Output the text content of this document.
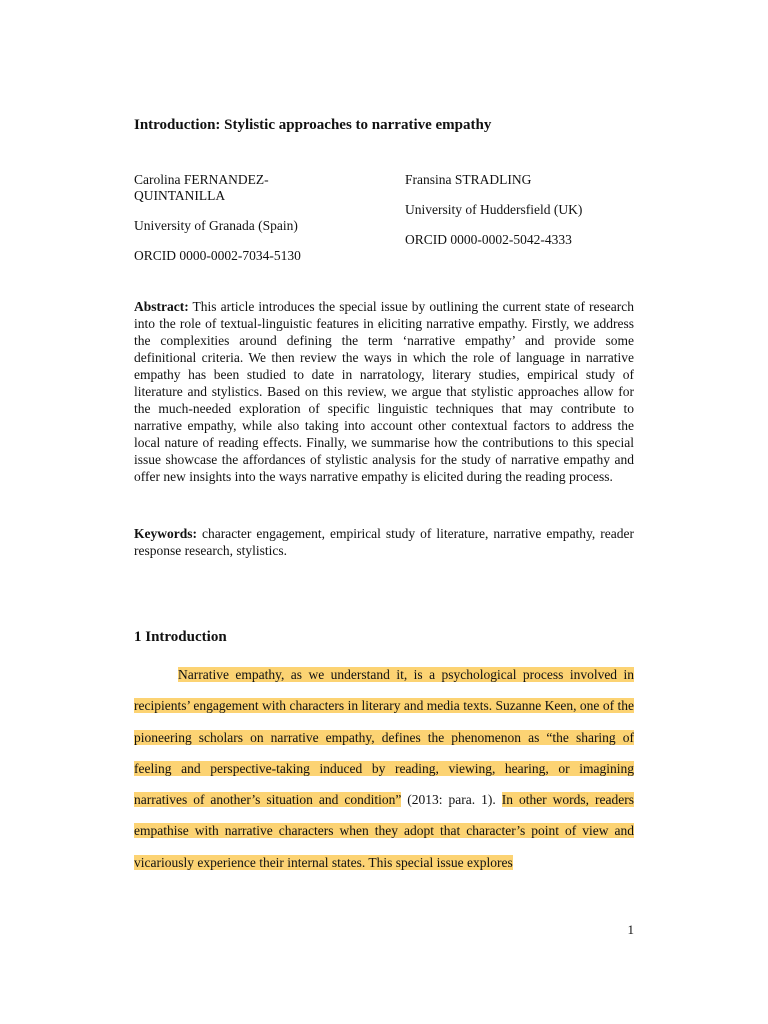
Introduction: Stylistic approaches to narrative empathy

Carolina FERNANDEZ-QUINTANILLA

University of Granada (Spain)

ORCID 0000-0002-7034-5130

Fransina STRADLING

University of Huddersfield (UK)

ORCID 0000-0002-5042-4333

Abstract: This article introduces the special issue by outlining the current state of research into the role of textual-linguistic features in eliciting narrative empathy. Firstly, we address the complexities around defining the term ‘narrative empathy’ and provide some definitional criteria. We then review the ways in which the role of language in narrative empathy has been studied to date in narratology, literary studies, empirical study of literature and stylistics. Based on this review, we argue that stylistic approaches allow for the much-needed exploration of specific linguistic techniques that may contribute to narrative empathy, while also taking into account other contextual factors to address the local nature of reading effects. Finally, we summarise how the contributions to this special issue showcase the affordances of stylistic analysis for the study of narrative empathy and offer new insights into the ways narrative empathy is elicited during the reading process.

Keywords: character engagement, empirical study of literature, narrative empathy, reader response research, stylistics.

1 Introduction

Narrative empathy, as we understand it, is a psychological process involved in recipients’ engagement with characters in literary and media texts. Suzanne Keen, one of the pioneering scholars on narrative empathy, defines the phenomenon as “the sharing of feeling and perspective-taking induced by reading, viewing, hearing, or imagining narratives of another’s situation and condition” (2013: para. 1). In other words, readers empathise with narrative characters when they adopt that character’s point of view and vicariously experience their internal states. This special issue explores

1
